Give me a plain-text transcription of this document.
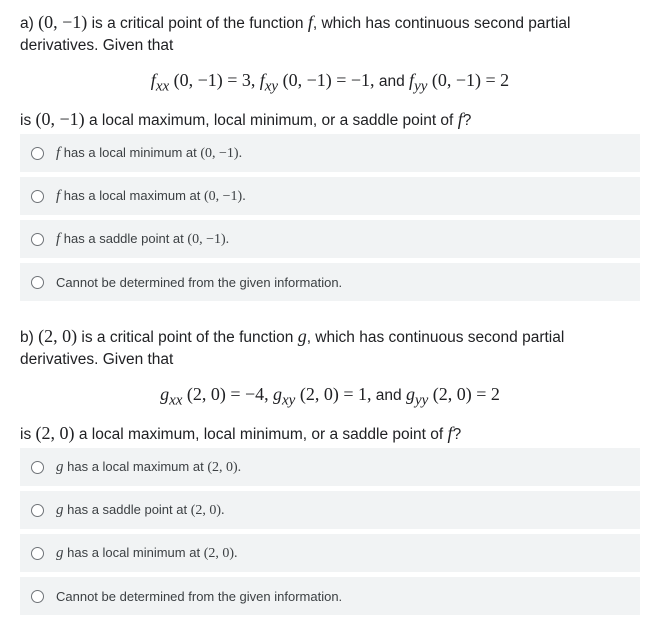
a) (0, −1) is a critical point of the function f, which has continuous second partial derivatives. Given that

$f_{xx}$ (0, −1) = 3, $f_{xy}$ (0, −1) = −1, and $f_{yy}$ (0, −1) = 2

is (0, −1) a local maximum, local minimum, or a saddle point of f?

f has a local minimum at (0, −1).
f has a local maximum at (0, −1).
f has a saddle point at (0, −1).
Cannot be determined from the given information.

b) (2, 0) is a critical point of the function g, which has continuous second partial derivatives. Given that

$g_{xx}$ (2, 0) = −4, $g_{xy}$ (2, 0) = 1, and $g_{yy}$ (2, 0) = 2

is (2, 0) a local maximum, local minimum, or a saddle point of f?

g has a local maximum at (2, 0).
g has a saddle point at (2, 0).
g has a local minimum at (2, 0).
Cannot be determined from the given information.
